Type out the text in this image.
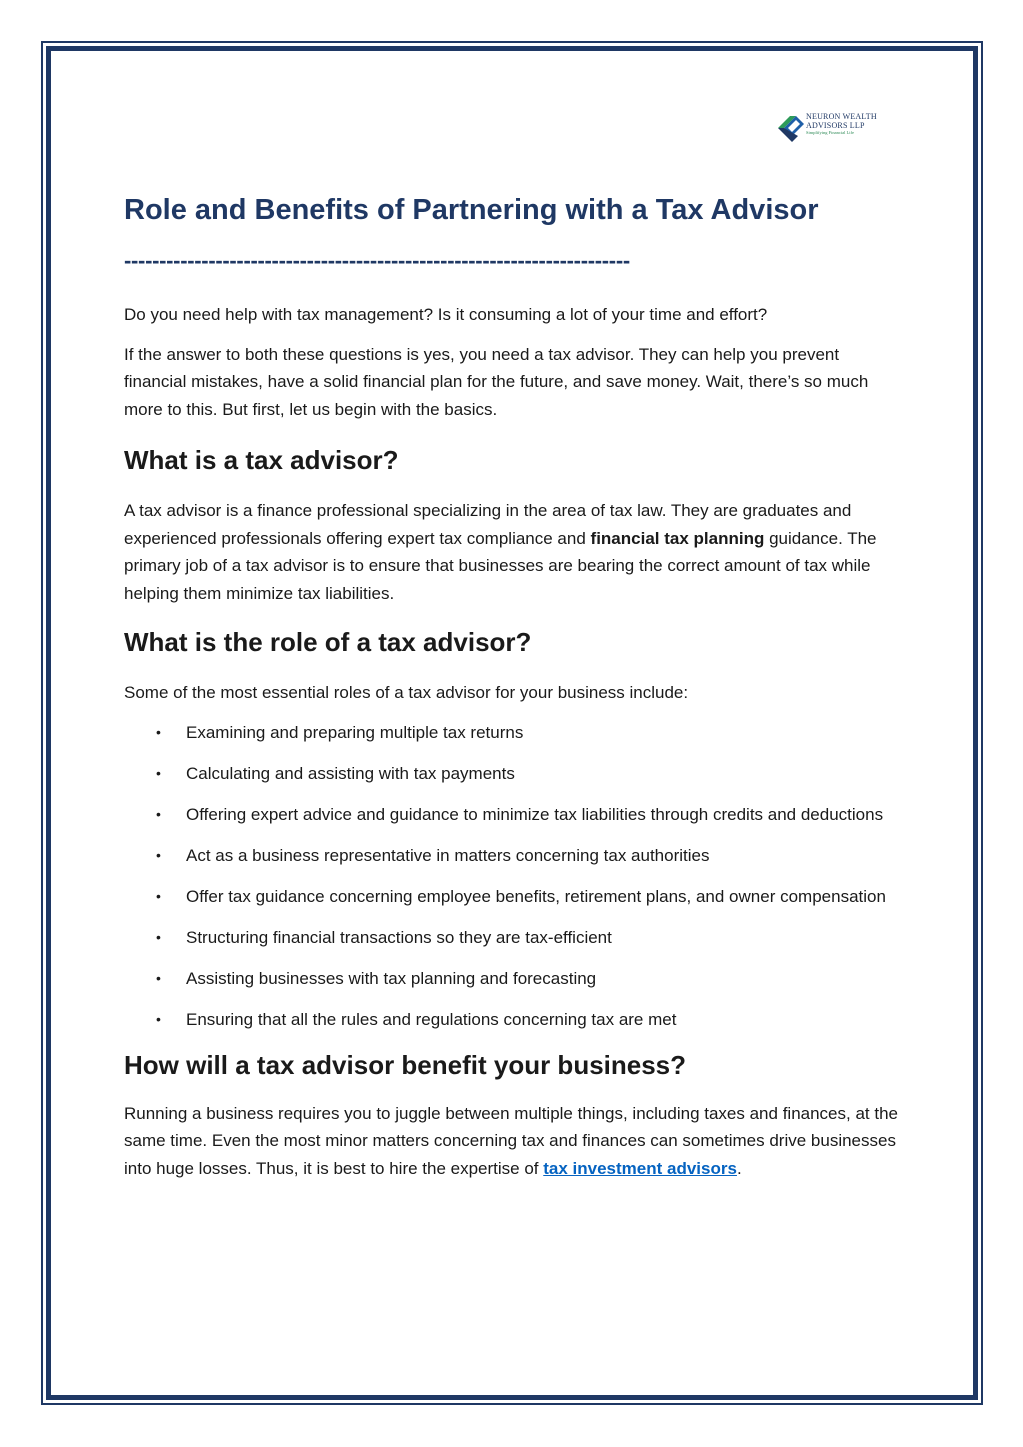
NEURON WEALTH
ADVISORS LLP
Simplifying Financial Life
Role and Benefits of Partnering with a Tax Advisor
------------------------------------------------------------------------

Do you need help with tax management? Is it consuming a lot of your time and effort?

If the answer to both these questions is yes, you need a tax advisor. They can help you prevent financial mistakes, have a solid financial plan for the future, and save money. Wait, there’s so much more to this. But first, let us begin with the basics.

What is a tax advisor?

A tax advisor is a finance professional specializing in the area of tax law. They are graduates and experienced professionals offering expert tax compliance and financial tax planning guidance. The primary job of a tax advisor is to ensure that businesses are bearing the correct amount of tax while helping them minimize tax liabilities.

What is the role of a tax advisor?

Some of the most essential roles of a tax advisor for your business include:

• Examining and preparing multiple tax returns
• Calculating and assisting with tax payments
• Offering expert advice and guidance to minimize tax liabilities through credits and deductions
• Act as a business representative in matters concerning tax authorities
• Offer tax guidance concerning employee benefits, retirement plans, and owner compensation
• Structuring financial transactions so they are tax-efficient
• Assisting businesses with tax planning and forecasting
• Ensuring that all the rules and regulations concerning tax are met
How will a tax advisor benefit your business?

Running a business requires you to juggle between multiple things, including taxes and finances, at the same time. Even the most minor matters concerning tax and finances can sometimes drive businesses into huge losses. Thus, it is best to hire the expertise of tax investment advisors.
